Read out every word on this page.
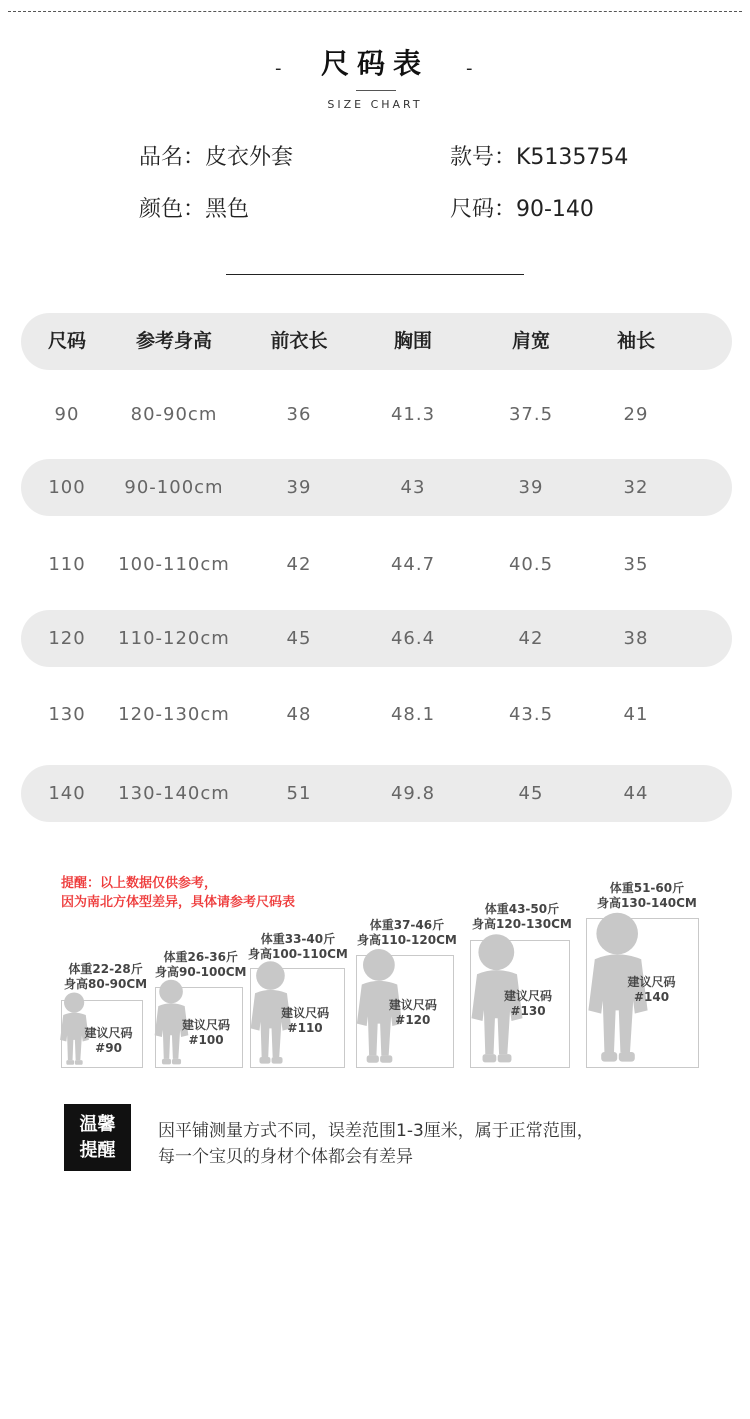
-	尺码表	-
SIZE CHART
品名：皮衣外套	款号：K5135754
颜色：黑色	尺码：90-140
尺码	参考身高	前衣长	胸围	肩宽	袖长
90	80-90cm	36	41.3	37.5	29
100 90-100cm	39	43	39	32
110 100-110cm	42	44.7	40.5	35
120 110-120cm	45	46.4	42	38
130 120-130cm	48	48.1	43.5	41
140 130-140cm	51	49.8	45	44
提醒：以上数据仅供参考，
因为南北方体型差异，具体请参考尺码表
体重22-28斤
身高80-90CM
建议尺码
#90
体重26-36斤
身高90-100CM
建议尺码
#100
体重33-40斤
身高100-110CM
建议尺码
#110
体重37-46斤
身高110-120CM
建议尺码
#120
体重43-50斤
身高120-130CM
建议尺码
#130
体重51-60斤
身高130-140CM
建议尺码
#140
温馨
提醒
因平铺测量方式不同，误差范围1-3厘米，属于正常范围，
每一个宝贝的身材个体都会有差异
